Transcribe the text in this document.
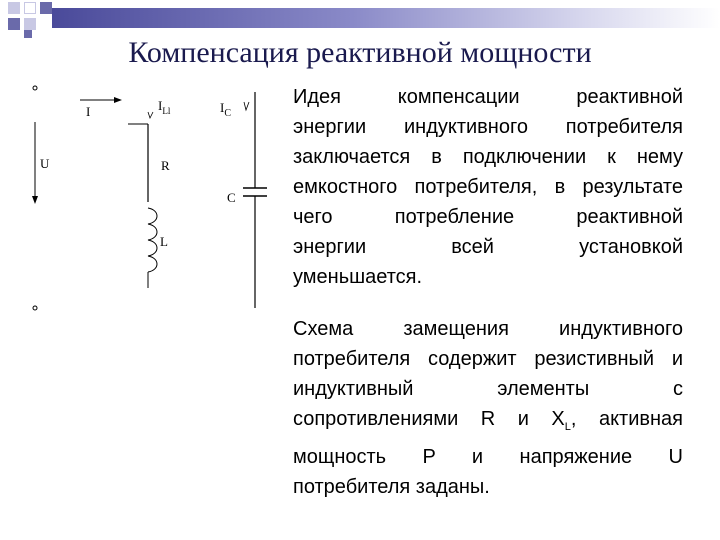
Компенсация реактивной мощности
U
I	$I_{Ll}$
R
L
$I_C$
C
Идея компенсации реактивной
энергии индуктивного потребителя
заключается в подключении к нему
емкостного потребителя, в результате
чего потребление реактивной
энергии всей установкой
уменьшается.
Схема замещения индуктивного
потребителя содержит резистивный и
индуктивный элементы с
сопротивлениями R и $X_L$, активная
мощность P и напряжение U
потребителя заданы.
